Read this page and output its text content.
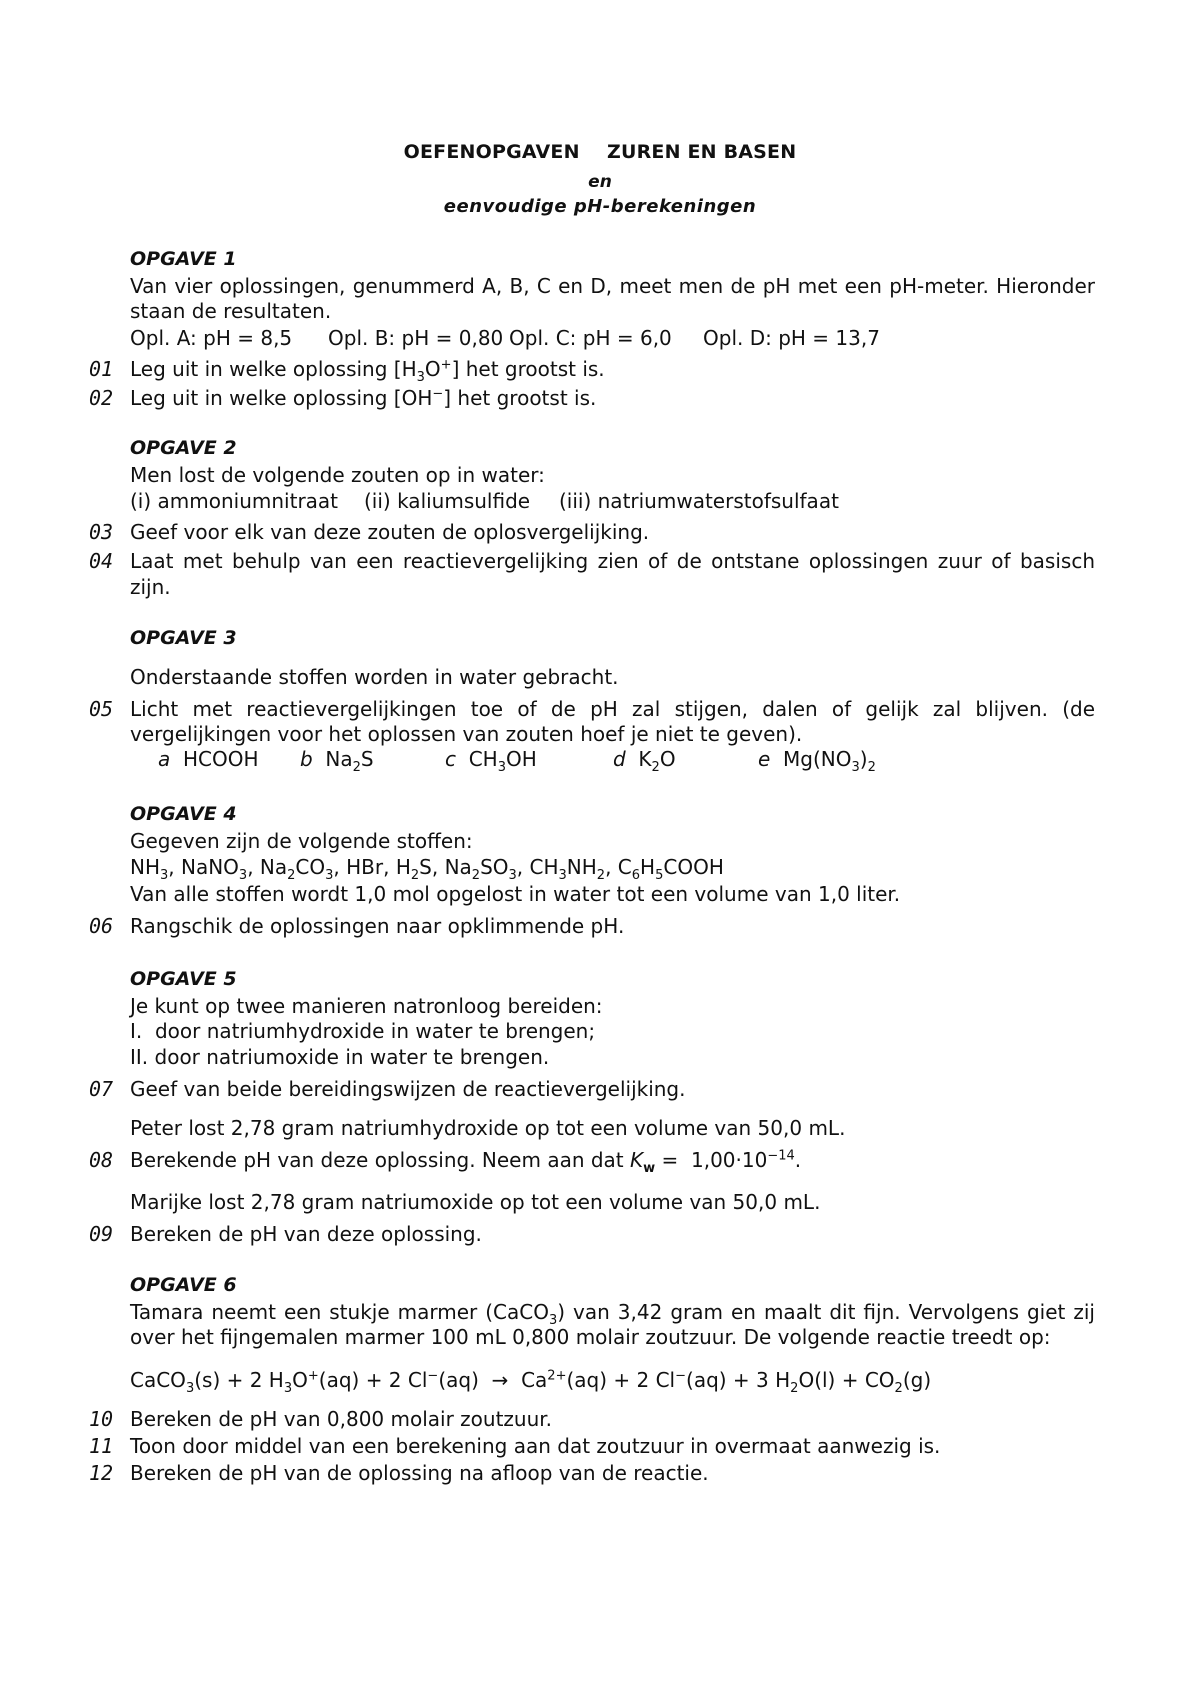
OEFENOPGAVEN    ZUREN EN BASEN
en
eenvoudige pH-berekeningen
OPGAVE 1
Van vier oplossingen, genummerd A, B, C en D, meet men de pH met een pH-meter. Hieronder
staan de resultaten.
Opl. A: pH = 8,5 Opl. B: pH = 0,80 Opl. C: pH = 6,0 Opl. D: pH = 13,7
01 Leg uit in welke oplossing $[H_3O^+]$ het grootst is.
02 Leg uit in welke oplossing [OH−] het grootst is.
OPGAVE 2
Men lost de volgende zouten op in water:
(i) ammoniumnitraat (ii) kaliumsulfide (iii) natriumwaterstofsulfaat
03 Geef voor elk van deze zouten de oplosvergelijking.
04 Laat met behulp van een reactievergelijking zien of de ontstane oplossingen zuur of basisch
zijn.
OPGAVE 3
Onderstaande stoffen worden in water gebracht.
05 Licht met reactievergelijkingen toe of de pH zal stijgen, dalen of gelijk zal blijven. (de
vergelijkingen voor het oplossen van zouten hoef je niet te geven).
a HCOOH b $Na_2S$	c $CH_3OH$	d $K_2O$	e $Mg(NO_3)_2$
OPGAVE 4
Gegeven zijn de volgende stoffen:
$NH_3$, NaNO$_3$, $Na_2CO_3$, HBr, $H_2S$, $Na_2SO_3$, $CH_3NH_2$, $C_6H_5COOH$
Van alle stoffen wordt 1,0 mol opgelost in water tot een volume van 1,0 liter.
06 Rangschik de oplossingen naar opklimmende pH.
OPGAVE 5
Je kunt op twee manieren natronloog bereiden:
I.  door natriumhydroxide in water te brengen;
II. door natriumoxide in water te brengen.
07 Geef van beide bereidingswijzen de reactievergelijking.
Peter lost 2,78 gram natriumhydroxide op tot een volume van 50,0 mL.
08 Berekende pH van deze oplossing. Neem aan dat $K_w = 1,00\cdot 10^{-14}$.
Marijke lost 2,78 gram natriumoxide op tot een volume van 50,0 mL.
09 Bereken de pH van deze oplossing.
OPGAVE 6
Tamara neemt een stukje marmer (CaCO$_3$) van 3,42 gram en maalt dit fijn. Vervolgens giet zij
over het fijngemalen marmer 100 mL 0,800 molair zoutzuur. De volgende reactie treedt op:
CaCO$_3$(s) + 2 $H_3O^+(aq) + 2$ $Cl^-(aq) \to Ca^{2+}(aq) + 2$ Cl−(aq) + 3 $H_2O(l) + CO_2(g)$
10 Bereken de pH van 0,800 molair zoutzuur.
11 Toon door middel van een berekening aan dat zoutzuur in overmaat aanwezig is.
12 Bereken de pH van de oplossing na afloop van de reactie.
